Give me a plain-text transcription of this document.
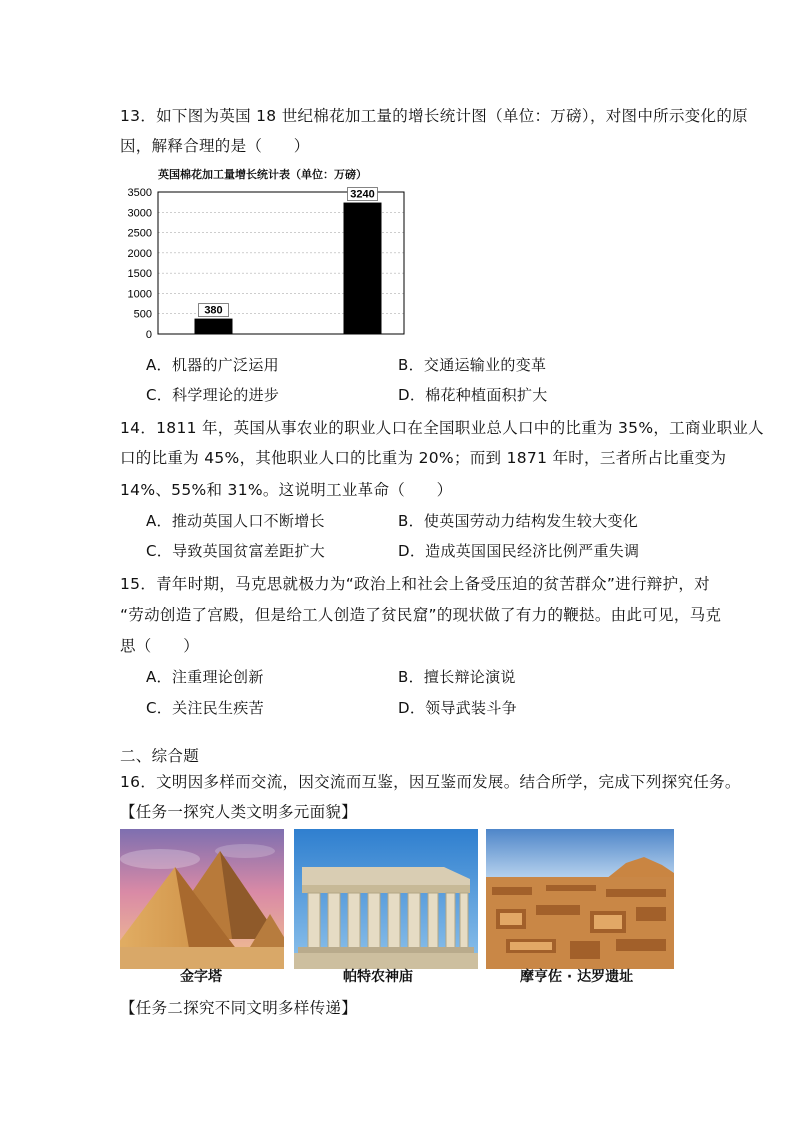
13．如下图为英国 18 世纪棉花加工量的增长统计图（单位：万磅），对图中所示变化的原
因，解释合理的是（　　）
英国棉花加工量增长统计表（单位：万磅）
0
500
1000
1500
2000
2500
3000
3500
380
3240
A．机器的广泛运用	B．交通运输业的变革
C．科学理论的进步	D．棉花种植面积扩大
14．1811 年，英国从事农业的职业人口在全国职业总人口中的比重为 35%，工商业职业人
口的比重为 45%，其他职业人口的比重为 20%；而到 1871 年时，三者所占比重变为
14%、55%和 31%。这说明工业革命（　　）
A．推动英国人口不断增长	B．使英国劳动力结构发生较大变化
C．导致英国贫富差距扩大	D．造成英国国民经济比例严重失调
15．青年时期，马克思就极力为“政治上和社会上备受压迫的贫苦群众”进行辩护，对
“劳动创造了宫殿，但是给工人创造了贫民窟”的现状做了有力的鞭挞。由此可见，马克
思（　　）
A．注重理论创新	B．擅长辩论演说
C．关注民生疾苦	D．领导武装斗争
二、综合题
16．文明因多样而交流，因交流而互鉴，因互鉴而发展。结合所学，完成下列探究任务。
【任务一探究人类文明多元面貌】
金字塔	帕特农神庙	摩亨佐 · 达罗遗址
【任务二探究不同文明多样传递】
